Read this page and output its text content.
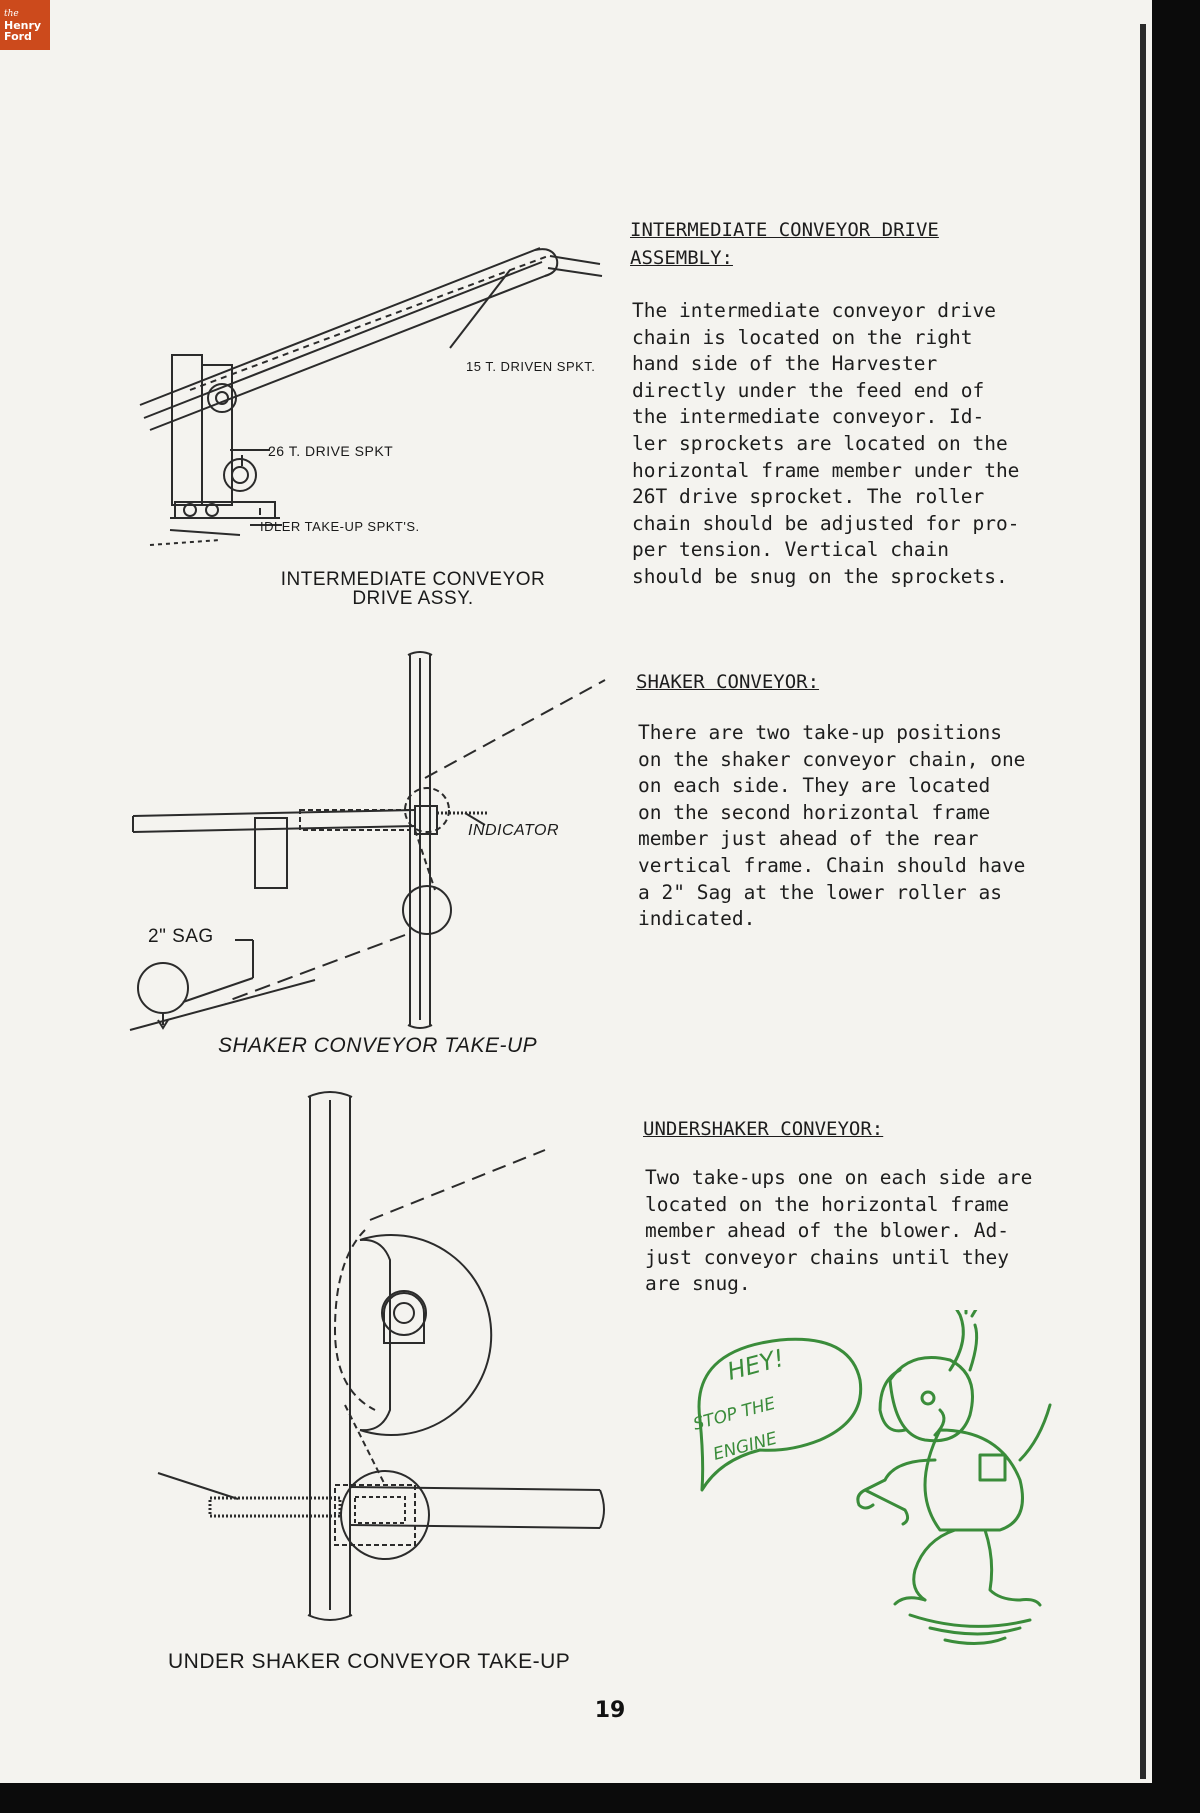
the
Henry
Ford
15 T. DRIVEN SPKT.
26 T. DRIVE SPKT
IDLER TAKE-UP SPKT'S.
INTERMEDIATE CONVEYOR
DRIVE ASSY.
INDICATOR
2" SAG
SHAKER CONVEYOR TAKE-UP
UNDER SHAKER CONVEYOR TAKE-UP
INTERMEDIATE CONVEYOR DRIVE
ASSEMBLY:
The intermediate conveyor drive
chain is located on the right
hand side of the Harvester
directly under the feed end of
the intermediate conveyor. Id-
ler sprockets are located on the
horizontal frame member under the
26T drive sprocket. The roller
chain should be adjusted for pro-
per tension. Vertical chain
should be snug on the sprockets.
SHAKER CONVEYOR:
There are two take-up positions
on the shaker conveyor chain, one
on each side. They are located
on the second horizontal frame
member just ahead of the rear
vertical frame. Chain should have
a 2" Sag at the lower roller as
indicated.
UNDERSHAKER CONVEYOR:
Two take-ups one on each side are
located on the horizontal frame
member ahead of the blower. Ad-
just conveyor chains until they
are snug.
HEY!
STOP THE
ENGINE
19
